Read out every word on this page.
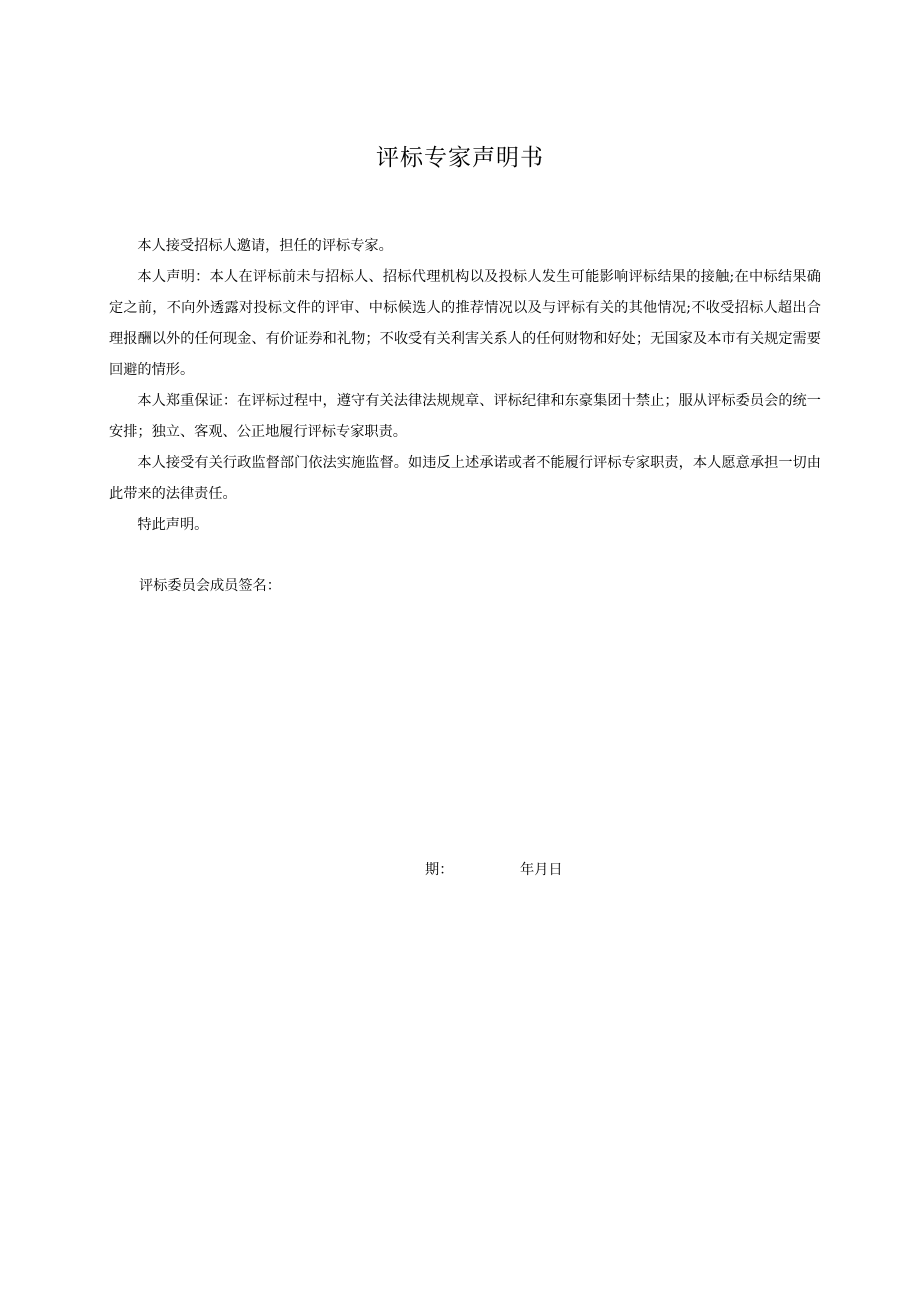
评标专家声明书

本人接受招标人邀请，担任的评标专家。

本人声明：本人在评标前未与招标人、招标代理机构以及投标人发生可能影响评标结果的接触;在中标结果确定之前，不向外透露对投标文件的评审、中标候选人的推荐情况以及与评标有关的其他情况;不收受招标人超出合理报酬以外的任何现金、有价证券和礼物；不收受有关利害关系人的任何财物和好处；无国家及本市有关规定需要回避的情形。

本人郑重保证：在评标过程中，遵守有关法律法规规章、评标纪律和东豪集团十禁止；服从评标委员会的统一安排；独立、客观、公正地履行评标专家职责。

本人接受有关行政监督部门依法实施监督。如违反上述承诺或者不能履行评标专家职责，本人愿意承担一切由此带来的法律责任。

特此声明。

评标委员会成员签名：
期：	年月日
